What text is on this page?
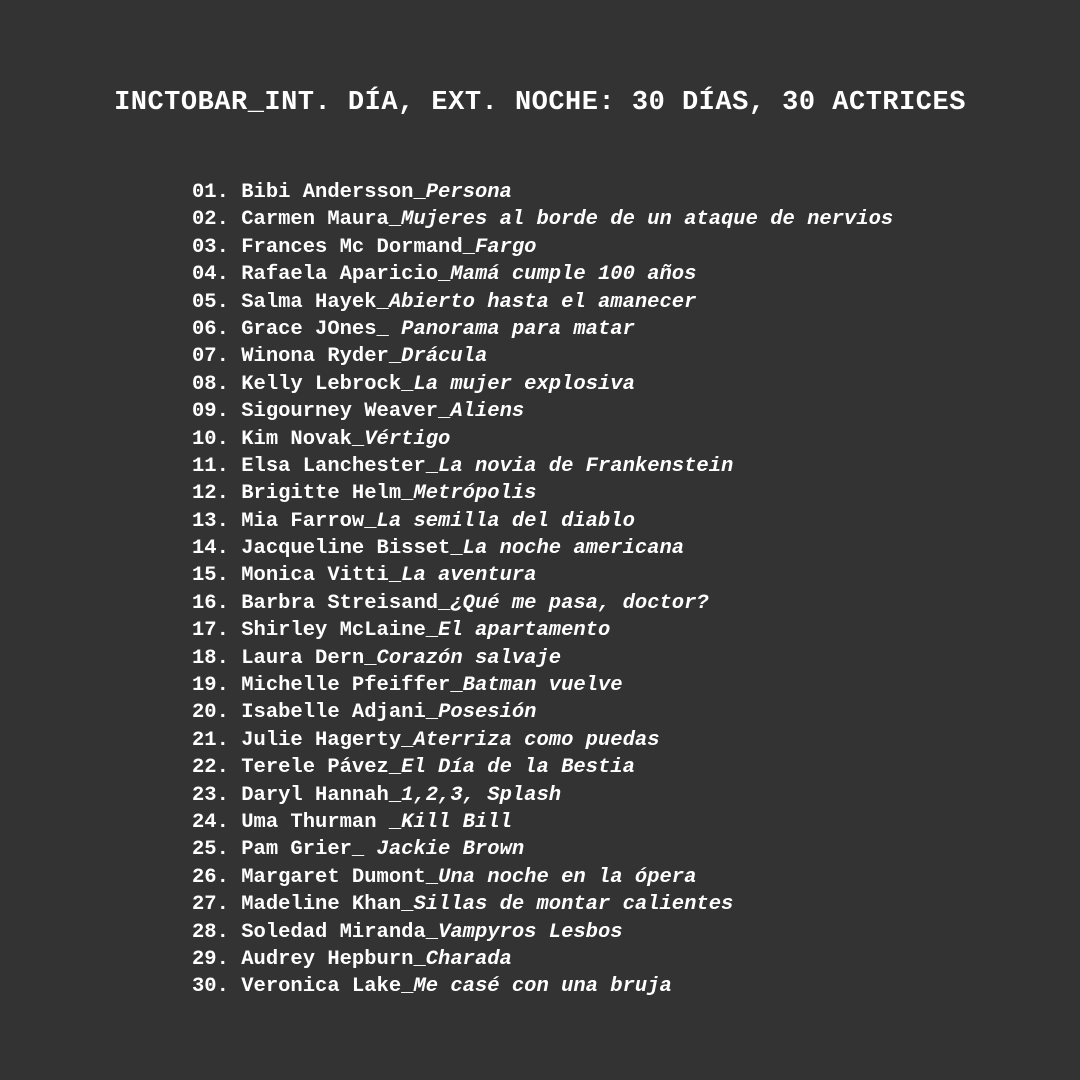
INCTOBAR_INT. DÍA, EXT. NOCHE: 30 DÍAS, 30 ACTRICES
01. Bibi Andersson_Persona
02. Carmen Maura_Mujeres al borde de un ataque de nervios
03. Frances Mc Dormand_Fargo
04. Rafaela Aparicio_Mamá cumple 100 años
05. Salma Hayek_Abierto hasta el amanecer
06. Grace JOnes_ Panorama para matar
07. Winona Ryder_Drácula
08. Kelly Lebrock_La mujer explosiva
09. Sigourney Weaver_Aliens
10. Kim Novak_Vértigo
11. Elsa Lanchester_La novia de Frankenstein
12. Brigitte Helm_Metrópolis
13. Mia Farrow_La semilla del diablo
14. Jacqueline Bisset_La noche americana
15. Monica Vitti_La aventura
16. Barbra Streisand_¿Qué me pasa, doctor?
17. Shirley McLaine_El apartamento
18. Laura Dern_Corazón salvaje
19. Michelle Pfeiffer_Batman vuelve
20. Isabelle Adjani_Posesión
21. Julie Hagerty_Aterriza como puedas
22. Terele Pávez_El Día de la Bestia
23. Daryl Hannah_1,2,3, Splash
24. Uma Thurman _Kill Bill
25. Pam Grier_ Jackie Brown
26. Margaret Dumont_Una noche en la ópera
27. Madeline Khan_Sillas de montar calientes
28. Soledad Miranda_Vampyros Lesbos
29. Audrey Hepburn_Charada
30. Veronica Lake_Me casé con una bruja
